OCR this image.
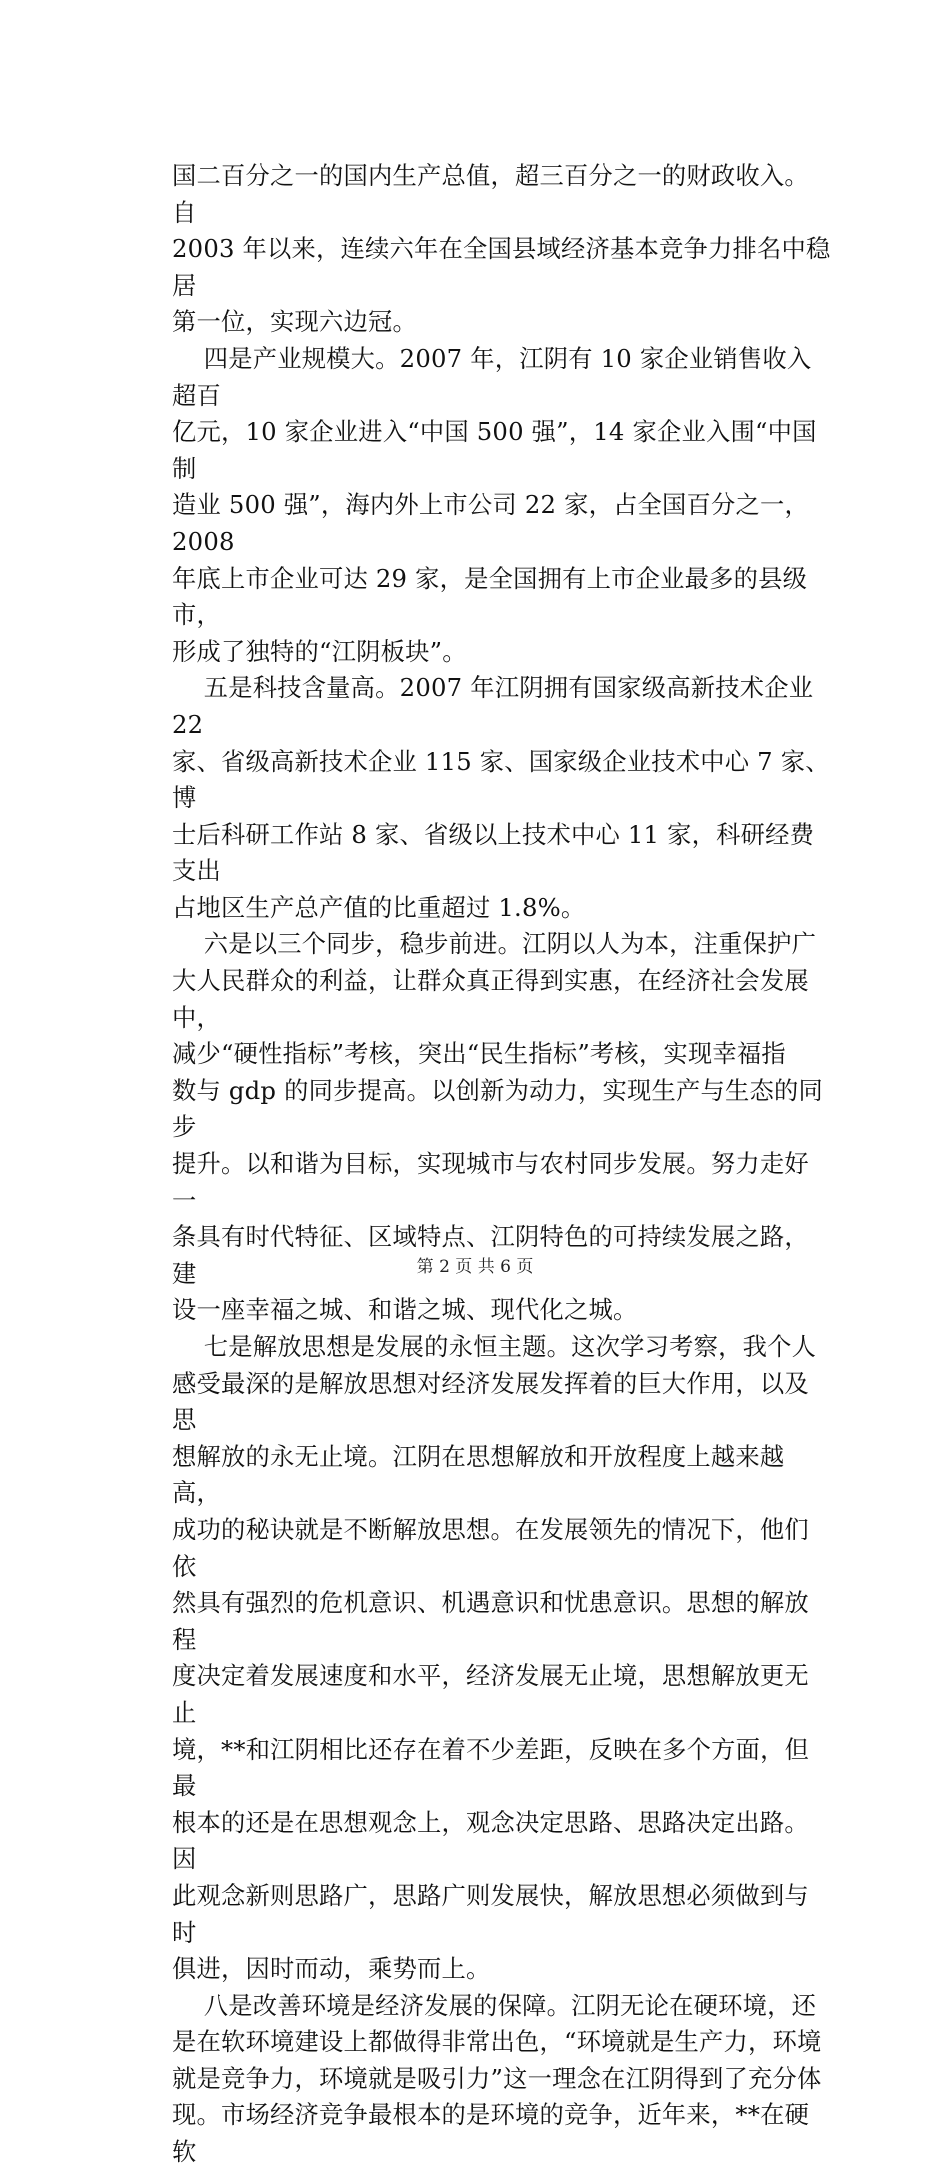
国二百分之一的国内生产总值，超三百分之一的财政收入。自
2003 年以来，连续六年在全国县域经济基本竞争力排名中稳居
第一位，实现六边冠。

四是产业规模大。2007 年，江阴有 10 家企业销售收入超百
亿元，10 家企业进入“中国 500 强”，14 家企业入围“中国制
造业 500 强”，海内外上市公司 22 家，占全国百分之一，2008
年底上市企业可达 29 家，是全国拥有上市企业最多的县级市，
形成了独特的“江阴板块”。

五是科技含量高。2007 年江阴拥有国家级高新技术企业 22
家、省级高新技术企业 115 家、国家级企业技术中心 7 家、博
士后科研工作站 8 家、省级以上技术中心 11 家，科研经费支出
占地区生产总产值的比重超过 1.8%。

六是以三个同步，稳步前进。江阴以人为本，注重保护广
大人民群众的利益，让群众真正得到实惠，在经济社会发展中，
减少“硬性指标”考核，突出“民生指标”考核，实现幸福指
数与 gdp 的同步提高。以创新为动力，实现生产与生态的同步
提升。以和谐为目标，实现城市与农村同步发展。努力走好一
条具有时代特征、区域特点、江阴特色的可持续发展之路，建
设一座幸福之城、和谐之城、现代化之城。

七是解放思想是发展的永恒主题。这次学习考察，我个人
感受最深的是解放思想对经济发展发挥着的巨大作用，以及思
想解放的永无止境。江阴在思想解放和开放程度上越来越高，
成功的秘诀就是不断解放思想。在发展领先的情况下，他们依
然具有强烈的危机意识、机遇意识和忧患意识。思想的解放程
度决定着发展速度和水平，经济发展无止境，思想解放更无止
境，**和江阴相比还存在着不少差距，反映在多个方面，但最
根本的还是在思想观念上，观念决定思路、思路决定出路。因
此观念新则思路广，思路广则发展快，解放思想必须做到与时
俱进，因时而动，乘势而上。

八是改善环境是经济发展的保障。江阴无论在硬环境，还
是在软环境建设上都做得非常出色，“环境就是生产力，环境
就是竞争力，环境就是吸引力”这一理念在江阴得到了充分体
现。市场经济竞争最根本的是环境的竞争，近年来，**在硬软

第 2 页 共 6 页
